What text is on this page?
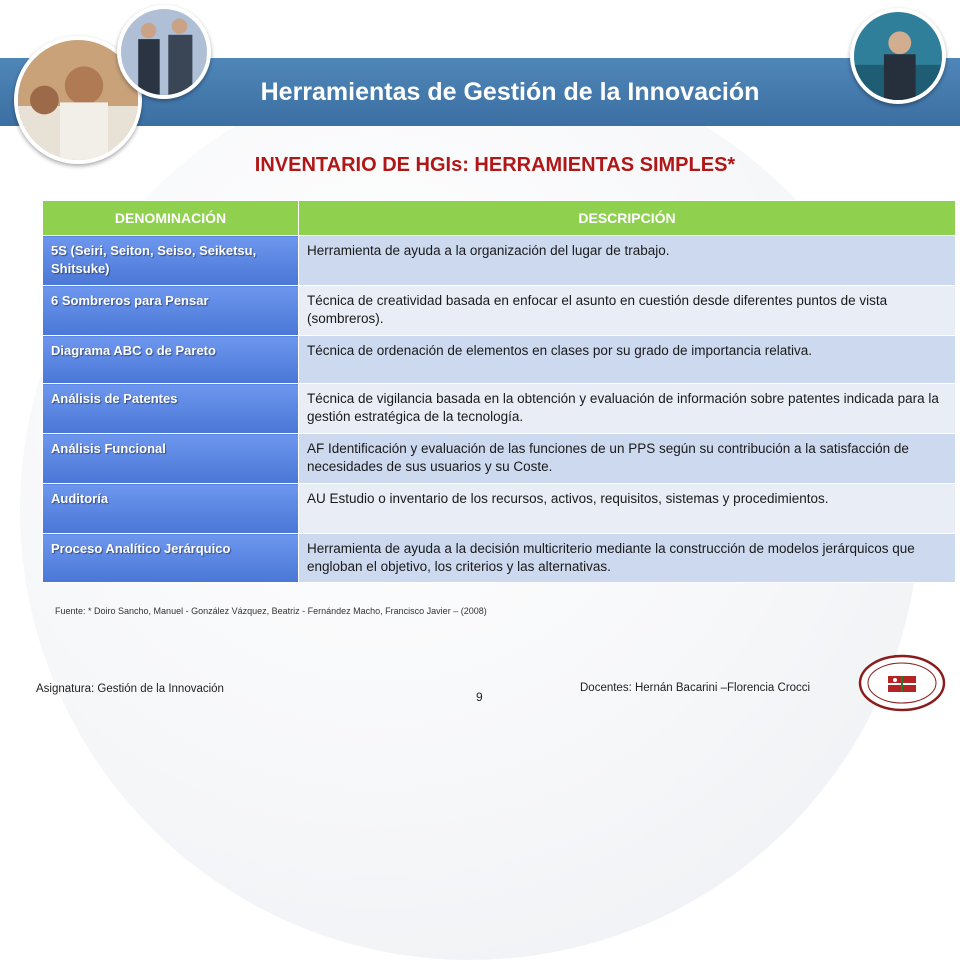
Herramientas de Gestión de la Innovación
INVENTARIO DE HGIs: HERRAMIENTAS SIMPLES*
DENOMINACIÓN	DESCRIPCIÓN
5S (Seiri, Seiton, Seiso, Seiketsu, Shitsuke)	Herramienta de ayuda a la organización del lugar de trabajo.
6 Sombreros para Pensar	Técnica de creatividad basada en enfocar el asunto en cuestión desde diferentes puntos de vista (sombreros).
Diagrama ABC o de Pareto	Técnica de ordenación de elementos en clases por su grado de importancia relativa.
Análisis de Patentes	Técnica de vigilancia basada en la obtención y evaluación de información sobre patentes indicada para la gestión estratégica de la tecnología.
Análisis Funcional	AF Identificación y evaluación de las funciones de un PPS según su contribución a la satisfacción de necesidades de sus usuarios y su Coste.
Auditoría	AU Estudio o inventario de los recursos, activos, requisitos, sistemas y procedimientos.
Proceso Analítico Jerárquico	Herramienta de ayuda a la decisión multicriterio mediante la construcción de modelos jerárquicos que engloban el objetivo, los criterios y las alternativas.
Fuente: * Doiro Sancho, Manuel - González Vázquez, Beatriz - Fernández Macho, Francisco Javier – (2008)
Asignatura: Gestión de la Innovación
9
Docentes: Hernán Bacarini –Florencia Crocci
